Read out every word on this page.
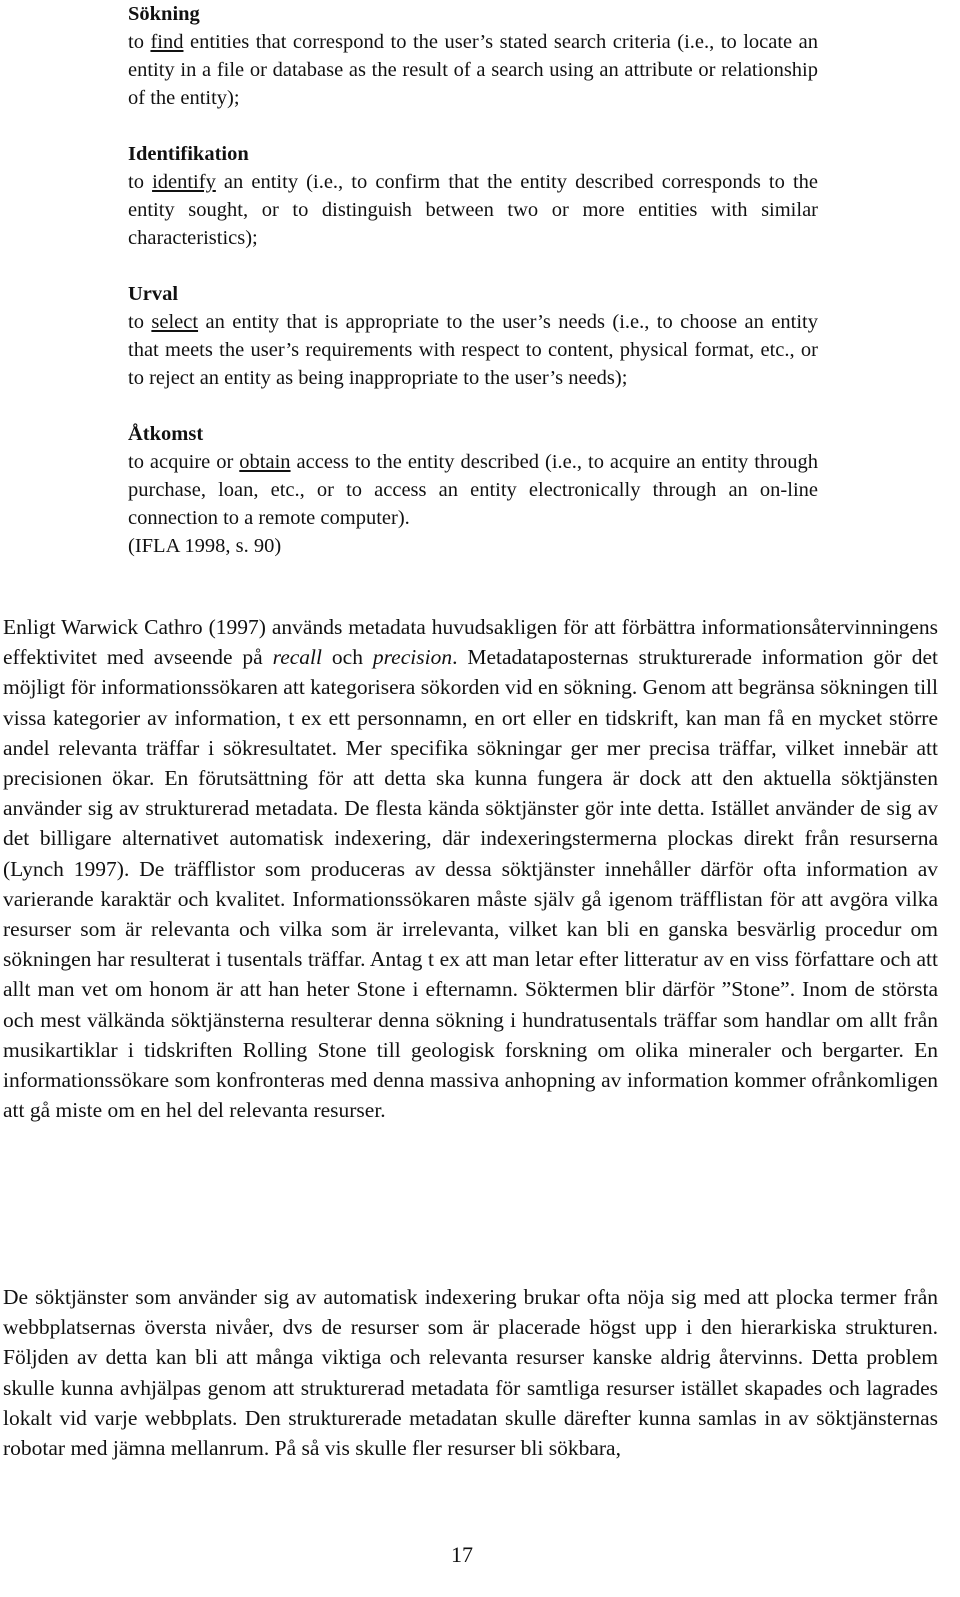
Sökning
to find entities that correspond to the user’s stated search criteria (i.e., to locate an entity in a file or database as the result of a search using an attribute or relationship of the entity);
Identifikation
to identify an entity (i.e., to confirm that the entity described corresponds to the entity sought, or to distinguish between two or more entities with similar characteristics);
Urval
to select an entity that is appropriate to the user’s needs (i.e., to choose an entity that meets the user’s requirements with respect to content, physical format, etc., or to reject an entity as being inappropriate to the user’s needs);
Åtkomst
to acquire or obtain access to the entity described (i.e., to acquire an entity through purchase, loan, etc., or to access an entity electronically through an on-line connection to a remote computer).
(IFLA 1998, s. 90)
Enligt Warwick Cathro (1997) används metadata huvudsakligen för att förbättra informationsåtervinningens effektivitet med avseende på recall och precision. Metadataposternas strukturerade information gör det möjligt för informationssökaren att kategorisera sökorden vid en sökning. Genom att begränsa sökningen till vissa kategorier av information, t ex ett personnamn, en ort eller en tidskrift, kan man få en mycket större andel relevanta träffar i sökresultatet. Mer specifika sökningar ger mer precisa träffar, vilket innebär att precisionen ökar. En förutsättning för att detta ska kunna fungera är dock att den aktuella söktjänsten använder sig av strukturerad metadata. De flesta kända söktjänster gör inte detta. Istället använder de sig av det billigare alternativet automatisk indexering, där indexeringstermerna plockas direkt från resurserna (Lynch 1997). De träfflistor som produceras av dessa söktjänster innehåller därför ofta information av varierande karaktär och kvalitet. Informationssökaren måste själv gå igenom träfflistan för att avgöra vilka resurser som är relevanta och vilka som är irrelevanta, vilket kan bli en ganska besvärlig procedur om sökningen har resulterat i tusentals träffar. Antag t ex att man letar efter litteratur av en viss författare och att allt man vet om honom är att han heter Stone i efternamn. Söktermen blir därför ”Stone”. Inom de största och mest välkända söktjänsterna resulterar denna sökning i hundratusentals träffar som handlar om allt från musikartiklar i tidskriften Rolling Stone till geologisk forskning om olika mineraler och bergarter. En informationssökare som konfronteras med denna massiva anhopning av information kommer ofrånkomligen att gå miste om en hel del relevanta resurser.
De söktjänster som använder sig av automatisk indexering brukar ofta nöja sig med att plocka termer från webbplatsernas översta nivåer, dvs de resurser som är placerade högst upp i den hierarkiska strukturen. Följden av detta kan bli att många viktiga och relevanta resurser kanske aldrig återvinns. Detta problem skulle kunna avhjälpas genom att strukturerad metadata för samtliga resurser istället skapades och lagrades lokalt vid varje webbplats. Den strukturerade metadatan skulle därefter kunna samlas in av söktjänsternas robotar med jämna mellanrum. På så vis skulle fler resurser bli sökbara,
17
